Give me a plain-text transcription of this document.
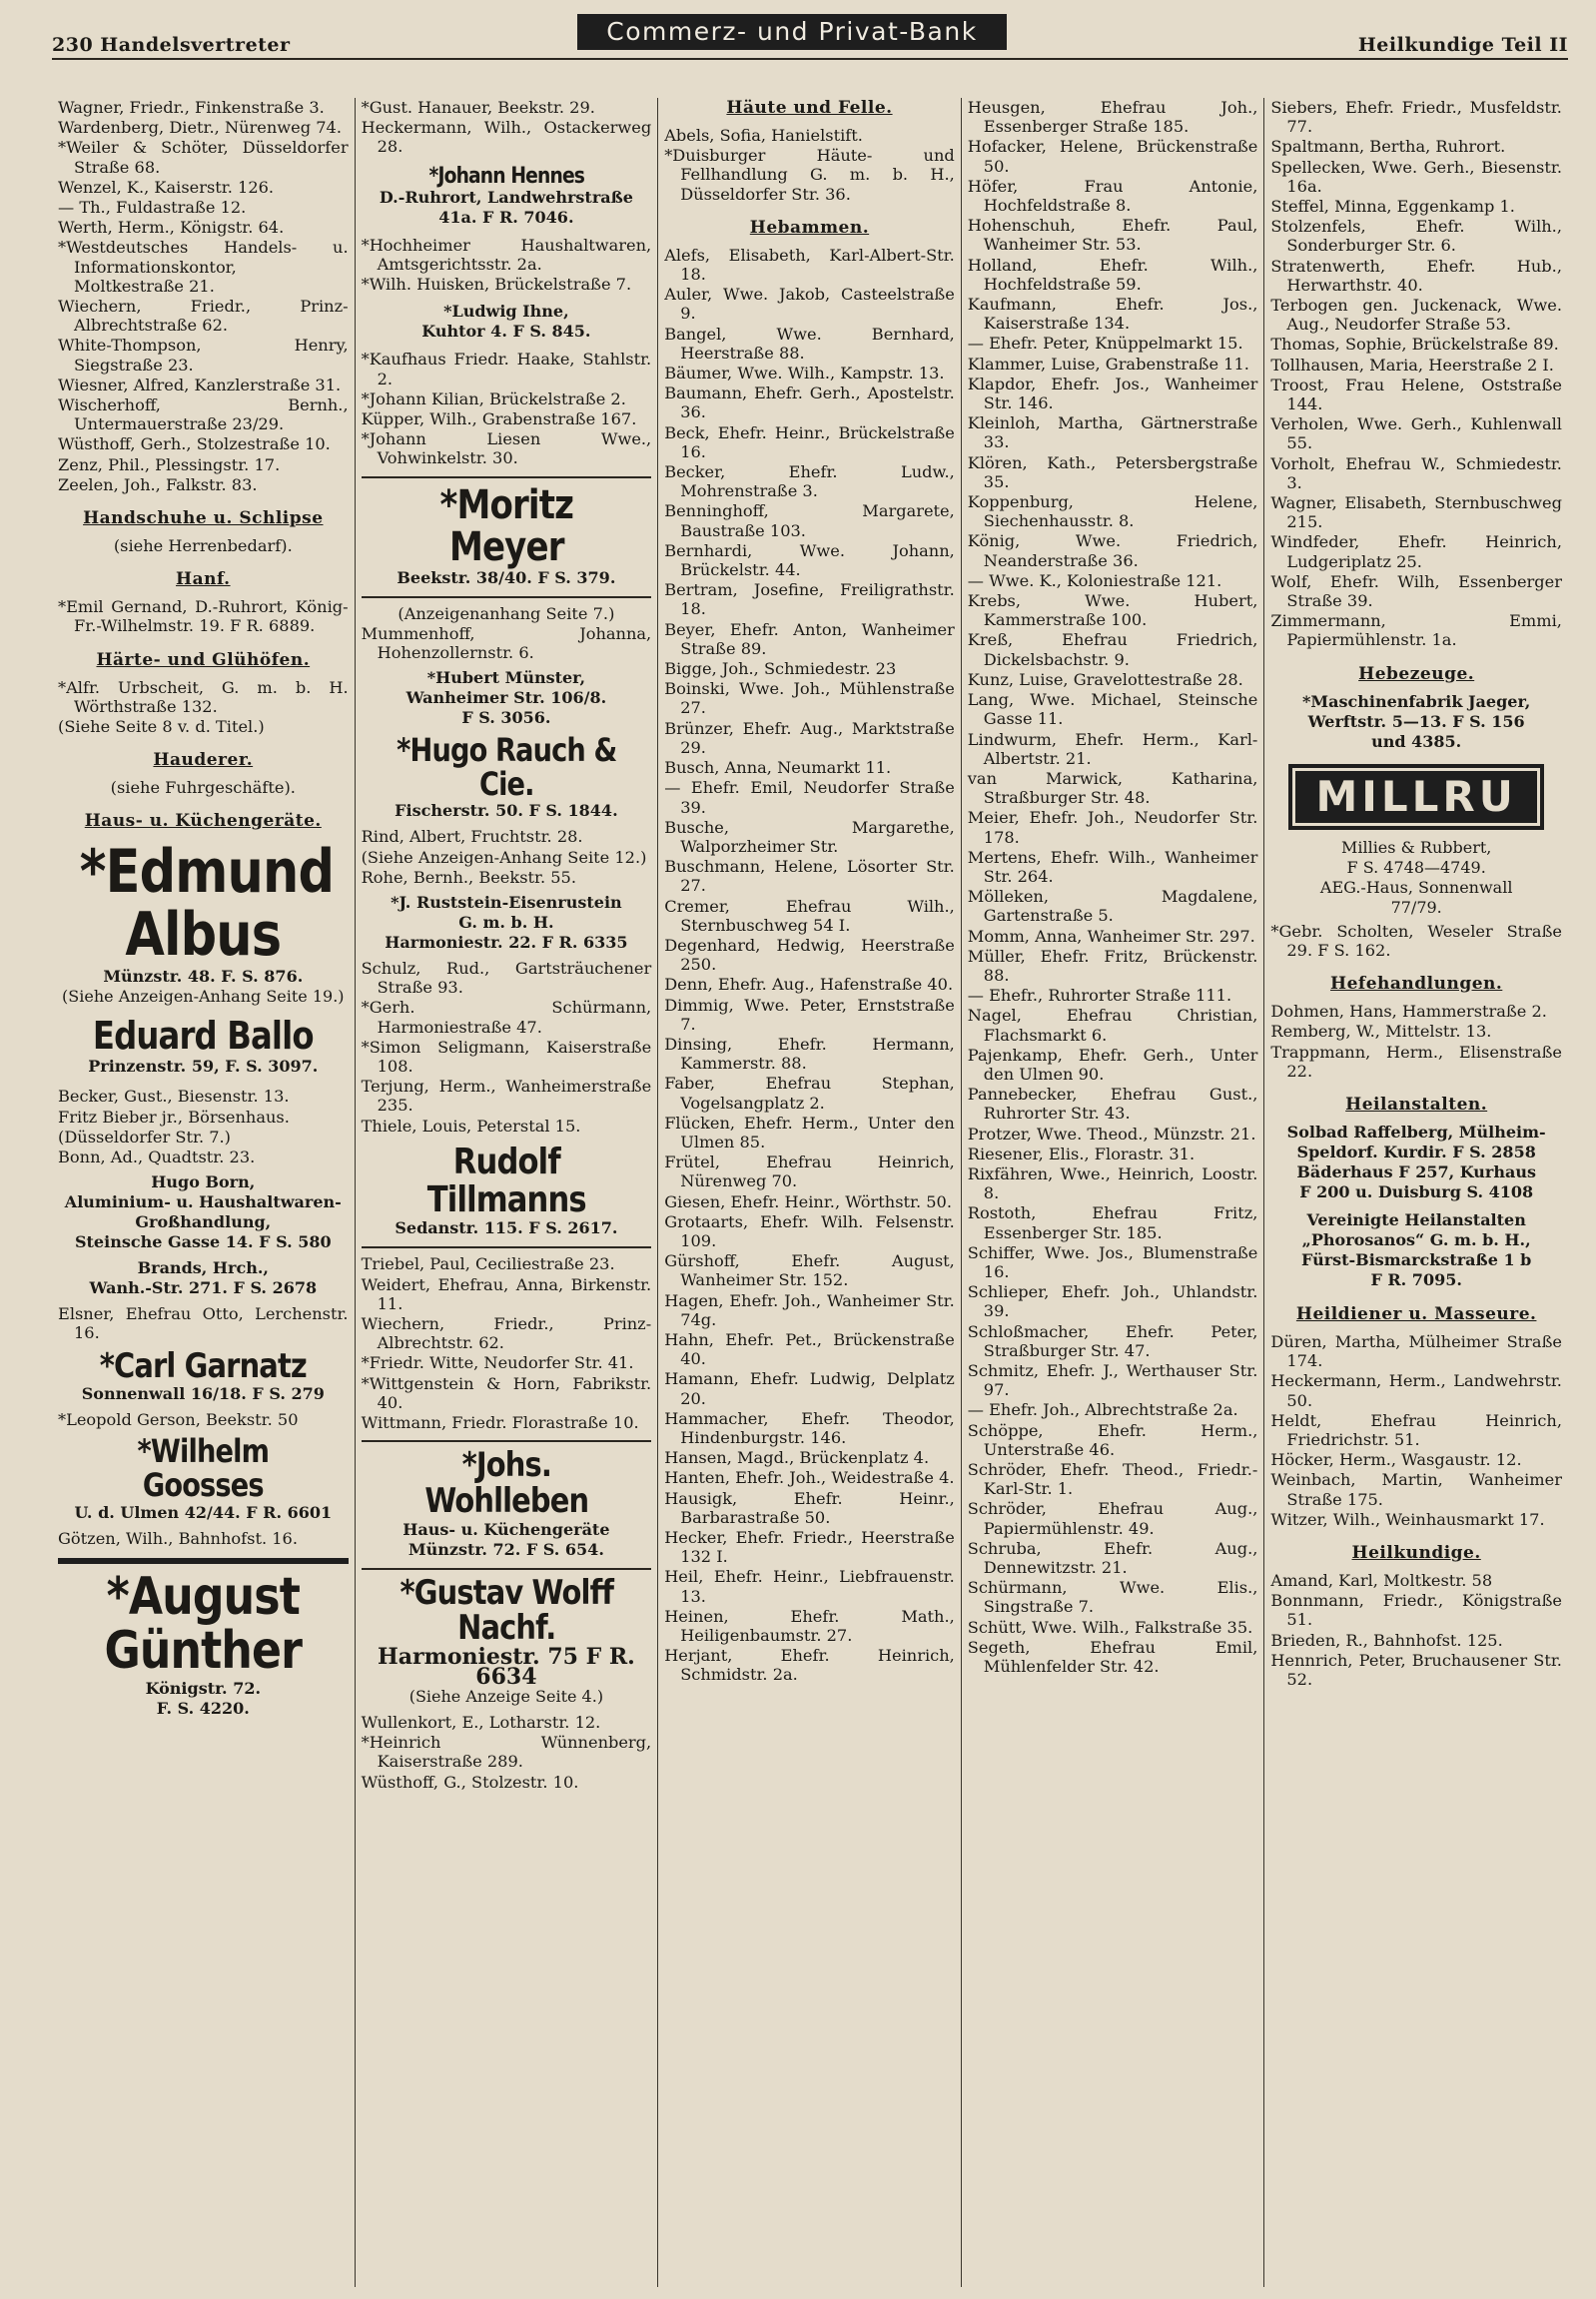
230 Handelsvertreter	Commerz- und Privat-Bank	Heilkundige Teil II

Wagner, Friedr., Finkenstraße 3.

Wardenberg, Dietr., Nürenweg 74.

*Weiler & Schöter, Düsseldorfer Straße 68.

Wenzel, K., Kaiserstr. 126.

— Th., Fuldastraße 12.

Werth, Herm., Königstr. 64.

*Westdeutsches Handels- u. Informationskontor, Moltkestraße 21.

Wiechern, Friedr., Prinz-Albrechtstraße 62.

White-Thompson, Henry, Siegstraße 23.

Wiesner, Alfred, Kanzlerstraße 31.

Wischerhoff, Bernh., Untermauerstraße 23/29.

Wüsthoff, Gerh., Stolzestraße 10.

Zenz, Phil., Plessingstr. 17.

Zeelen, Joh., Falkstr. 83.

Handschuhe u. Schlipse

(siehe Herrenbedarf).

Hanf.

*Emil Gernand, D.-Ruhrort, König-Fr.-Wilhelmstr. 19. F R. 6889.

Härte- und Glühöfen.

*Alfr. Urbscheit, G. m. b. H. Wörthstraße 132.

(Siehe Seite 8 v. d. Titel.)

Hauderer.

(siehe Fuhrgeschäfte).

Haus- u. Küchengeräte.
*Edmund Albus
Münzstr. 48. F. S. 876.
(Siehe Anzeigen-Anhang Seite 19.)
Eduard Ballo
Prinzenstr. 59, F. S. 3097.

Becker, Gust., Biesenstr. 13.

Fritz Bieber jr., Börsenhaus.

(Düsseldorfer Str. 7.)

Bonn, Ad., Quadtstr. 23.

Hugo Born,
Aluminium- u. Haushaltwaren-Großhandlung,
Steinsche Gasse 14. F S. 580
Brands, Hrch.,
Wanh.-Str. 271. F S. 2678

Elsner, Ehefrau Otto, Lerchenstr. 16.

*Carl Garnatz
Sonnenwall 16/18. F S. 279

*Leopold Gerson, Beekstr. 50

*Wilhelm Goosses
U. d. Ulmen 42/44. F R. 6601

Götzen, Wilh., Bahnhofst. 16.

*August Günther
Königstr. 72.
F. S. 4220.

*Gust. Hanauer, Beekstr. 29.

Heckermann, Wilh., Ostackerweg 28.

*Johann Hennes
D.-Ruhrort, Landwehrstraße
41a. F R. 7046.

*Hochheimer Haushaltwaren, Amtsgerichtsstr. 2a.

*Wilh. Huisken, Brückelstraße 7.

*Ludwig Ihne,
Kuhtor 4. F S. 845.

*Kaufhaus Friedr. Haake, Stahlstr. 2.

*Johann Kilian, Brückelstraße 2.

Küpper, Wilh., Grabenstraße 167.

*Johann Liesen Wwe., Vohwinkelstr. 30.

*Moritz Meyer
Beekstr. 38/40. F S. 379.

(Anzeigenanhang Seite 7.)

Mummenhoff, Johanna, Hohenzollernstr. 6.

*Hubert Münster,
Wanheimer Str. 106/8.
F S. 3056.
*Hugo Rauch & Cie.
Fischerstr. 50. F S. 1844.

Rind, Albert, Fruchtstr. 28.

(Siehe Anzeigen-Anhang Seite 12.)

Rohe, Bernh., Beekstr. 55.

*J. Ruststein-Eisenrustein
G. m. b. H.
Harmoniestr. 22. F R. 6335

Schulz, Rud., Gartsträuchener Straße 93.

*Gerh. Schürmann, Harmoniestraße 47.

*Simon Seligmann, Kaiserstraße 108.

Terjung, Herm., Wanheimerstraße 235.

Thiele, Louis, Peterstal 15.

Rudolf Tillmanns
Sedanstr. 115. F S. 2617.

Triebel, Paul, Ceciliestraße 23.

Weidert, Ehefrau, Anna, Birkenstr. 11.

Wiechern, Friedr., Prinz-Albrechtstr. 62.

*Friedr. Witte, Neudorfer Str. 41.

*Wittgenstein & Horn, Fabrikstr. 40.

Wittmann, Friedr. Florastraße 10.

*Johs. Wohlleben
Haus- u. Küchengeräte
Münzstr. 72. F S. 654.
*Gustav Wolff Nachf.
Harmoniestr. 75 F R. 6634
(Siehe Anzeige Seite 4.)

Wullenkort, E., Lotharstr. 12.

*Heinrich Wünnenberg, Kaiserstraße 289.

Wüsthoff, G., Stolzestr. 10.

Häute und Felle.

Abels, Sofia, Hanielstift.

*Duisburger Häute- und Fellhandlung G. m. b. H., Düsseldorfer Str. 36.

Hebammen.

Alefs, Elisabeth, Karl-Albert-Str. 18.

Auler, Wwe. Jakob, Casteelstraße 9.

Bangel, Wwe. Bernhard, Heerstraße 88.

Bäumer, Wwe. Wilh., Kampstr. 13.

Baumann, Ehefr. Gerh., Apostelstr. 36.

Beck, Ehefr. Heinr., Brückelstraße 16.

Becker, Ehefr. Ludw., Mohrenstraße 3.

Benninghoff, Margarete, Baustraße 103.

Bernhardi, Wwe. Johann, Brückelstr. 44.

Bertram, Josefine, Freiligrathstr. 18.

Beyer, Ehefr. Anton, Wanheimer Straße 89.

Bigge, Joh., Schmiedestr. 23

Boinski, Wwe. Joh., Mühlenstraße 27.

Brünzer, Ehefr. Aug., Marktstraße 29.

Busch, Anna, Neumarkt 11.

— Ehefr. Emil, Neudorfer Straße 39.

Busche, Margarethe, Walporzheimer Str.

Buschmann, Helene, Lösorter Str. 27.

Cremer, Ehefrau Wilh., Sternbuschweg 54 I.

Degenhard, Hedwig, Heerstraße 250.

Denn, Ehefr. Aug., Hafenstraße 40.

Dimmig, Wwe. Peter, Ernststraße 7.

Dinsing, Ehefr. Hermann, Kammerstr. 88.

Faber, Ehefrau Stephan, Vogelsangplatz 2.

Flücken, Ehefr. Herm., Unter den Ulmen 85.

Frütel, Ehefrau Heinrich, Nürenweg 70.

Giesen, Ehefr. Heinr., Wörthstr. 50.

Grotaarts, Ehefr. Wilh. Felsenstr. 109.

Gürshoff, Ehefr. August, Wanheimer Str. 152.

Hagen, Ehefr. Joh., Wanheimer Str. 74g.

Hahn, Ehefr. Pet., Brückenstraße 40.

Hamann, Ehefr. Ludwig, Delplatz 20.

Hammacher, Ehefr. Theodor, Hindenburgstr. 146.

Hansen, Magd., Brückenplatz 4.

Hanten, Ehefr. Joh., Weidestraße 4.

Hausigk, Ehefr. Heinr., Barbarastraße 50.

Hecker, Ehefr. Friedr., Heerstraße 132 I.

Heil, Ehefr. Heinr., Liebfrauenstr. 13.

Heinen, Ehefr. Math., Heiligenbaumstr. 27.

Herjant, Ehefr. Heinrich, Schmidstr. 2a.

Heusgen, Ehefrau Joh., Essenberger Straße 185.

Hofacker, Helene, Brückenstraße 50.

Höfer, Frau Antonie, Hochfeldstraße 8.

Hohenschuh, Ehefr. Paul, Wanheimer Str. 53.

Holland, Ehefr. Wilh., Hochfeldstraße 59.

Kaufmann, Ehefr. Jos., Kaiserstraße 134.

— Ehefr. Peter, Knüppelmarkt 15.

Klammer, Luise, Grabenstraße 11.

Klapdor, Ehefr. Jos., Wanheimer Str. 146.

Kleinloh, Martha, Gärtnerstraße 33.

Klören, Kath., Petersbergstraße 35.

Koppenburg, Helene, Siechenhausstr. 8.

König, Wwe. Friedrich, Neanderstraße 36.

— Wwe. K., Koloniestraße 121.

Krebs, Wwe. Hubert, Kammerstraße 100.

Kreß, Ehefrau Friedrich, Dickelsbachstr. 9.

Kunz, Luise, Gravelottestraße 28.

Lang, Wwe. Michael, Steinsche Gasse 11.

Lindwurm, Ehefr. Herm., Karl-Albertstr. 21.

van Marwick, Katharina, Straßburger Str. 48.

Meier, Ehefr. Joh., Neudorfer Str. 178.

Mertens, Ehefr. Wilh., Wanheimer Str. 264.

Mölleken, Magdalene, Gartenstraße 5.

Momm, Anna, Wanheimer Str. 297.

Müller, Ehefr. Fritz, Brückenstr. 88.

— Ehefr., Ruhrorter Straße 111.

Nagel, Ehefrau Christian, Flachsmarkt 6.

Pajenkamp, Ehefr. Gerh., Unter den Ulmen 90.

Pannebecker, Ehefrau Gust., Ruhrorter Str. 43.

Protzer, Wwe. Theod., Münzstr. 21.

Riesener, Elis., Florastr. 31.

Rixfähren, Wwe., Heinrich, Loostr. 8.

Rostoth, Ehefrau Fritz, Essenberger Str. 185.

Schiffer, Wwe. Jos., Blumenstraße 16.

Schlieper, Ehefr. Joh., Uhlandstr. 39.

Schloßmacher, Ehefr. Peter, Straßburger Str. 47.

Schmitz, Ehefr. J., Werthauser Str. 97.

— Ehefr. Joh., Albrechtstraße 2a.

Schöppe, Ehefr. Herm., Unterstraße 46.

Schröder, Ehefr. Theod., Friedr.-Karl-Str. 1.

Schröder, Ehefrau Aug., Papiermühlenstr. 49.

Schruba, Ehefr. Aug., Dennewitzstr. 21.

Schürmann, Wwe. Elis., Singstraße 7.

Schütt, Wwe. Wilh., Falkstraße 35.

Segeth, Ehefrau Emil, Mühlenfelder Str. 42.

Siebers, Ehefr. Friedr., Musfeldstr. 77.

Spaltmann, Bertha, Ruhrort.

Spellecken, Wwe. Gerh., Biesenstr. 16a.

Steffel, Minna, Eggenkamp 1.

Stolzenfels, Ehefr. Wilh., Sonderburger Str. 6.

Stratenwerth, Ehefr. Hub., Herwarthstr. 40.

Terbogen gen. Juckenack, Wwe. Aug., Neudorfer Straße 53.

Thomas, Sophie, Brückelstraße 89.

Tollhausen, Maria, Heerstraße 2 I.

Troost, Frau Helene, Oststraße 144.

Verholen, Wwe. Gerh., Kuhlenwall 55.

Vorholt, Ehefrau W., Schmiedestr. 3.

Wagner, Elisabeth, Sternbuschweg 215.

Windfeder, Ehefr. Heinrich, Ludgeriplatz 25.

Wolf, Ehefr. Wilh, Essenberger Straße 39.

Zimmermann, Emmi, Papiermühlenstr. 1a.

Hebezeuge.
*Maschinenfabrik Jaeger,
Werftstr. 5—13. F S. 156
und 4385.
MILLRU
Millies & Rubbert,
F S. 4748—4749.
AEG.-Haus, Sonnenwall
77/79.

*Gebr. Scholten, Weseler Straße 29. F S. 162.

Hefehandlungen.

Dohmen, Hans, Hammerstraße 2.

Remberg, W., Mittelstr. 13.

Trappmann, Herm., Elisenstraße 22.

Heilanstalten.
Solbad Raffelberg, Mülheim-Speldorf. Kurdir. F S. 2858
Bäderhaus F 257, Kurhaus
F 200 u. Duisburg S. 4108
Vereinigte Heilanstalten
„Phorosanos“ G. m. b. H.,
Fürst-Bismarckstraße 1 b
F R. 7095.
Heildiener u. Masseure.

Düren, Martha, Mülheimer Straße 174.

Heckermann, Herm., Landwehrstr. 50.

Heldt, Ehefrau Heinrich, Friedrichstr. 51.

Höcker, Herm., Wasgaustr. 12.

Weinbach, Martin, Wanheimer Straße 175.

Witzer, Wilh., Weinhausmarkt 17.

Heilkundige.

Amand, Karl, Moltkestr. 58

Bonnmann, Friedr., Königstraße 51.

Brieden, R., Bahnhofst. 125.

Hennrich, Peter, Bruchausener Str. 52.
